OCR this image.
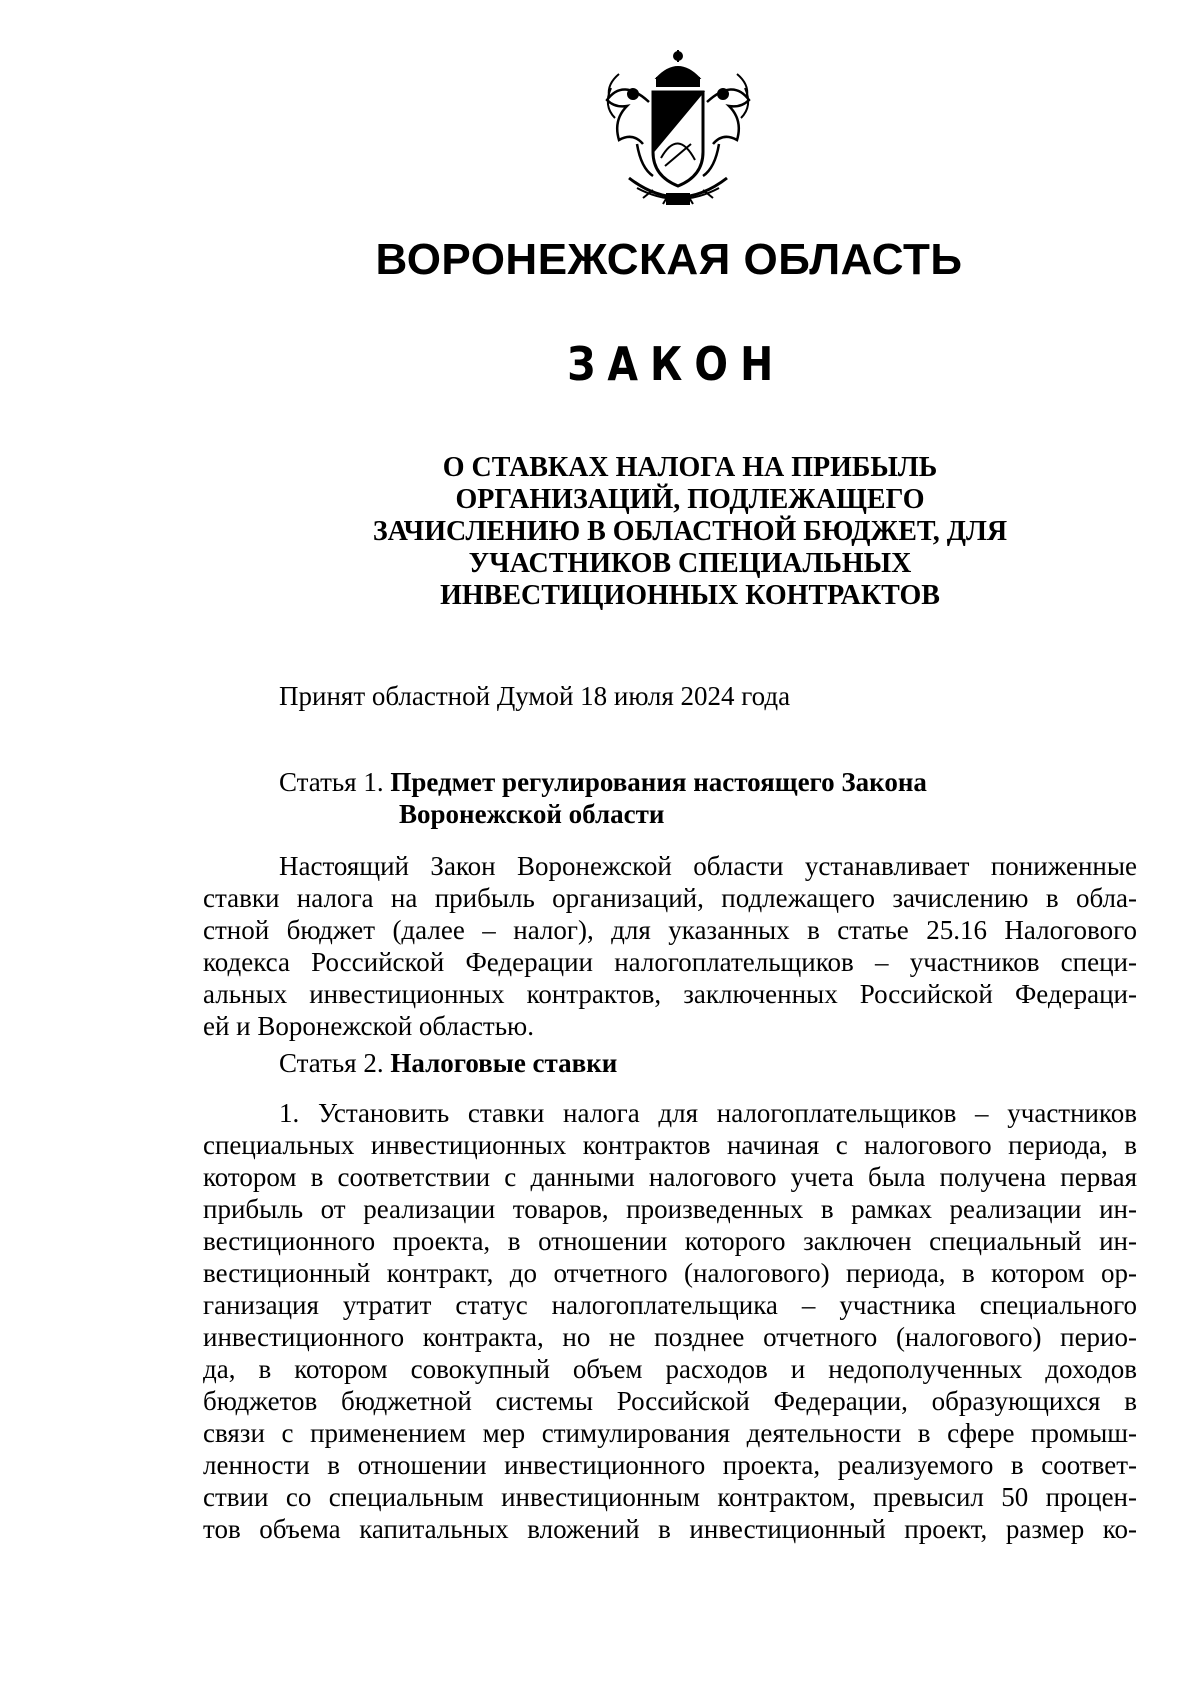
ВОРОНЕЖСКАЯ ОБЛАСТЬ
ЗАКОН
О СТАВКАХ НАЛОГА НА ПРИБЫЛЬ
ОРГАНИЗАЦИЙ, ПОДЛЕЖАЩЕГО
ЗАЧИСЛЕНИЮ В ОБЛАСТНОЙ БЮДЖЕТ, ДЛЯ
УЧАСТНИКОВ СПЕЦИАЛЬНЫХ
ИНВЕСТИЦИОННЫХ КОНТРАКТОВ
Принят областной Думой 18 июля 2024 года
Статья 1. Предмет регулирования настоящего Закона
Воронежской области
Настоящий Закон Воронежской области устанавливает пониженные
ставки налога на прибыль организаций, подлежащего зачислению в обла-
стной бюджет (далее – налог), для указанных в статье 25.16 Налогового
кодекса Российской Федерации налогоплательщиков – участников специ-
альных инвестиционных контрактов, заключенных Российской Федераци-
ей и Воронежской областью.
Статья 2. Налоговые ставки
1. Установить ставки налога для налогоплательщиков – участников
специальных инвестиционных контрактов начиная с налогового периода, в
котором в соответствии с данными налогового учета была получена первая
прибыль от реализации товаров, произведенных в рамках реализации ин-
вестиционного проекта, в отношении которого заключен специальный ин-
вестиционный контракт, до отчетного (налогового) периода, в котором ор-
ганизация утратит статус налогоплательщика – участника специального
инвестиционного контракта, но не позднее отчетного (налогового) перио-
да, в котором совокупный объем расходов и недополученных доходов
бюджетов бюджетной системы Российской Федерации, образующихся в
связи с применением мер стимулирования деятельности в сфере промыш-
ленности в отношении инвестиционного проекта, реализуемого в соответ-
ствии со специальным инвестиционным контрактом, превысил 50 процен-
тов объема капитальных вложений в инвестиционный проект, размер ко-
